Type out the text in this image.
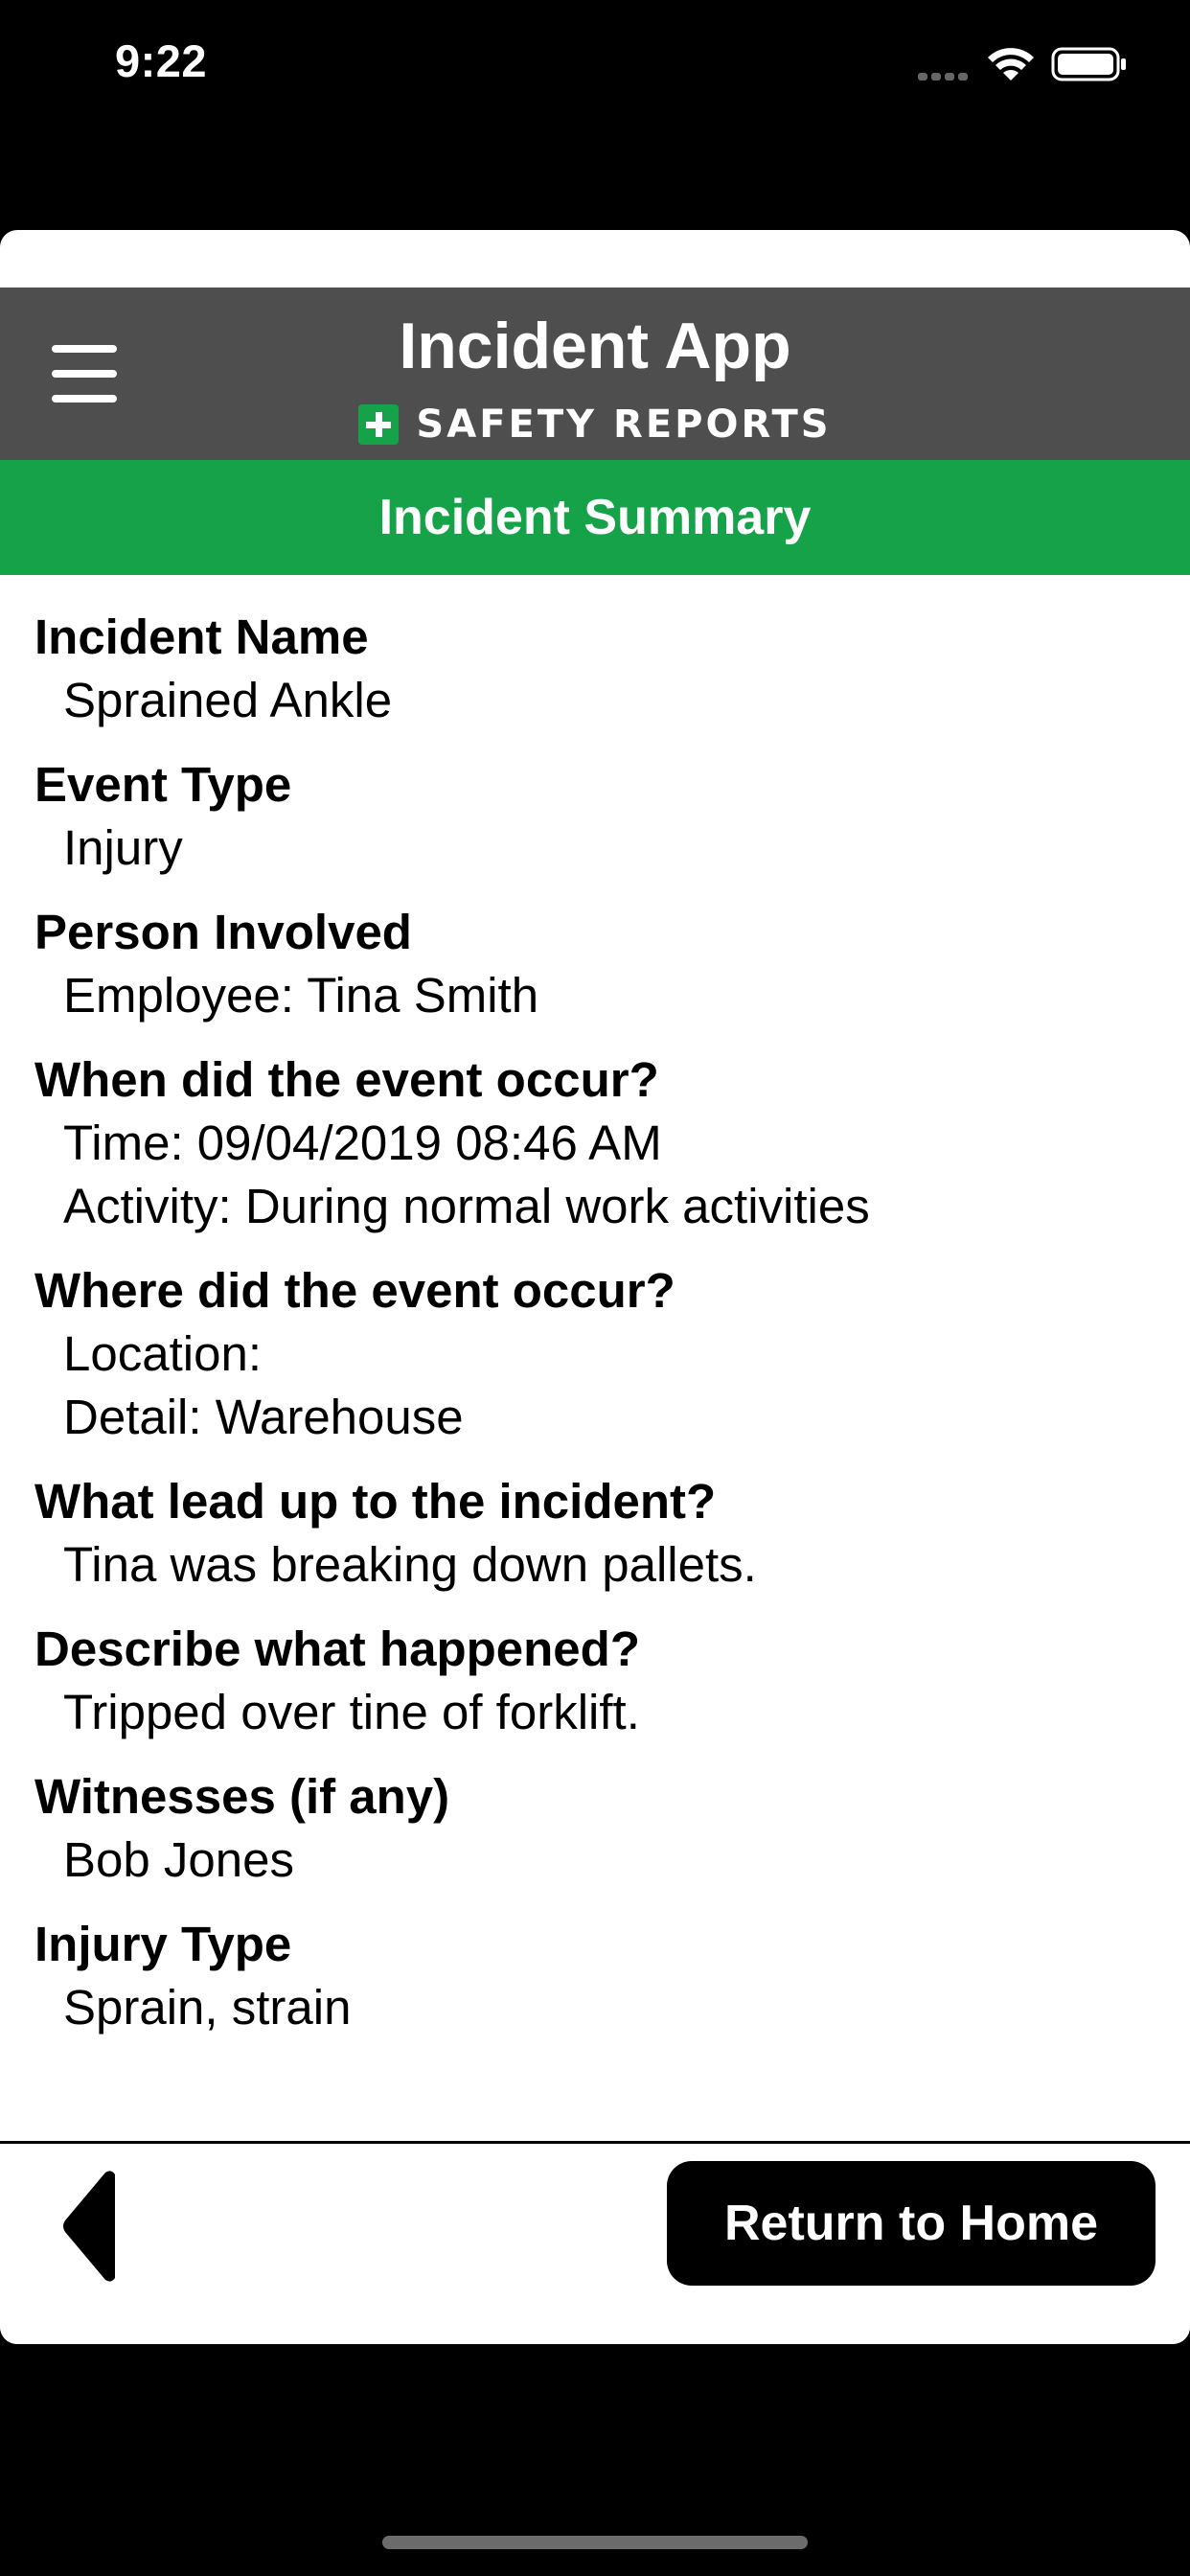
9:22
Incident App
SAFETY REPORTS
Incident Summary
Incident Name
Sprained Ankle
Event Type
Injury
Person Involved
Employee: Tina Smith
When did the event occur?
Time: 09/04/2019 08:46 AM
Activity: During normal work activities
Where did the event occur?
Location:
Detail: Warehouse
What lead up to the incident?
Tina was breaking down pallets.
Describe what happened?
Tripped over tine of forklift.
Witnesses (if any)
Bob Jones
Injury Type
Sprain, strain
Return to Home
